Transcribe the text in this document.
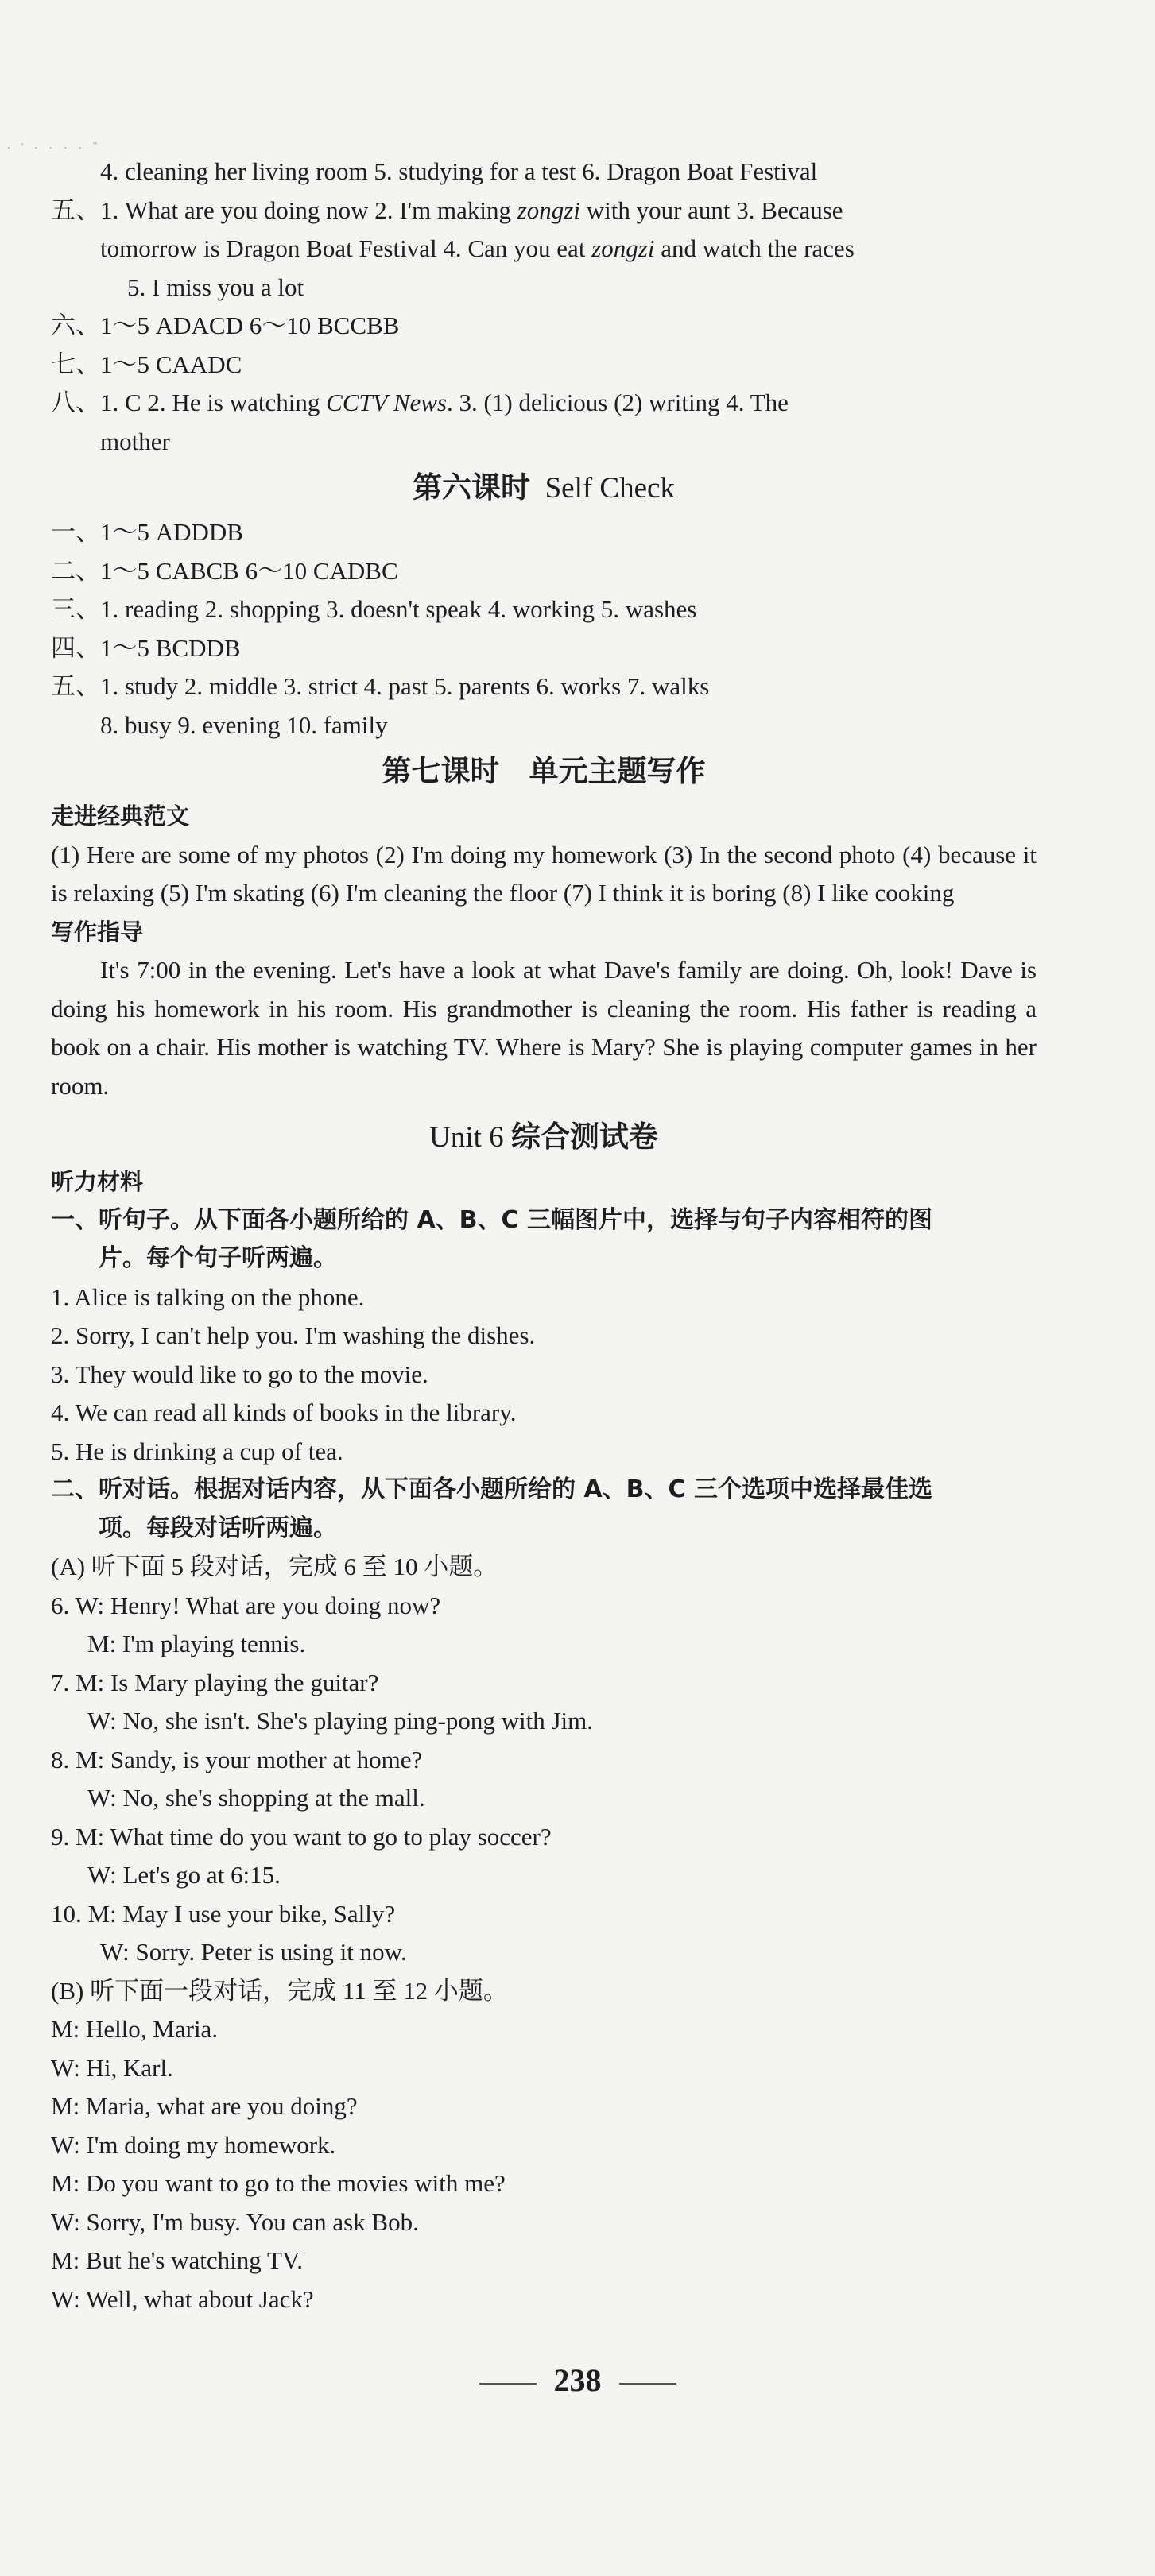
· ' · · · · ‶
4. cleaning her living room 5. studying for a test 6. Dragon Boat Festival
五、1. What are you doing now 2. I'm making zongzi with your aunt 3. Because
tomorrow is Dragon Boat Festival 4. Can you eat zongzi and watch the races
5. I miss you a lot
六、1～5 ADACD 6～10 BCCBB
七、1～5 CAADC
八、1. C 2. He is watching CCTV News. 3. (1) delicious (2) writing 4. The
mother
第六课时  Self Check
一、1～5 ADDDB
二、1～5 CABCB 6～10 CADBC
三、1. reading 2. shopping 3. doesn't speak 4. working 5. washes
四、1～5 BCDDB
五、1. study 2. middle 3. strict 4. past 5. parents 6. works 7. walks
8. busy 9. evening 10. family
第七课时　单元主题写作
走进经典范文
(1) Here are some of my photos (2) I'm doing my homework (3) In the second photo (4) because it is relaxing (5) I'm skating (6) I'm cleaning the floor (7) I think it is boring (8) I like cooking
写作指导
It's 7:00 in the evening. Let's have a look at what Dave's family are doing. Oh, look! Dave is doing his homework in his room. His grandmother is cleaning the room. His father is reading a book on a chair. His mother is watching TV. Where is Mary? She is playing computer games in her room.
Unit 6 综合测试卷
听力材料
一、听句子。从下面各小题所给的 A、B、C 三幅图片中，选择与句子内容相符的图
片。每个句子听两遍。
1. Alice is talking on the phone.
2. Sorry, I can't help you. I'm washing the dishes.
3. They would like to go to the movie.
4. We can read all kinds of books in the library.
5. He is drinking a cup of tea.
二、听对话。根据对话内容，从下面各小题所给的 A、B、C 三个选项中选择最佳选
项。每段对话听两遍。
(A) 听下面 5 段对话，完成 6 至 10 小题。
6. W: Henry! What are you doing now?
M: I'm playing tennis.
7. M: Is Mary playing the guitar?
W: No, she isn't. She's playing ping-pong with Jim.
8. M: Sandy, is your mother at home?
W: No, she's shopping at the mall.
9. M: What time do you want to go to play soccer?
W: Let's go at 6:15.
10. M: May I use your bike, Sally?
W: Sorry. Peter is using it now.
(B) 听下面一段对话，完成 11 至 12 小题。
M: Hello, Maria.
W: Hi, Karl.
M: Maria, what are you doing?
W: I'm doing my homework.
M: Do you want to go to the movies with me?
W: Sorry, I'm busy. You can ask Bob.
M: But he's watching TV.
W: Well, what about Jack?
238
